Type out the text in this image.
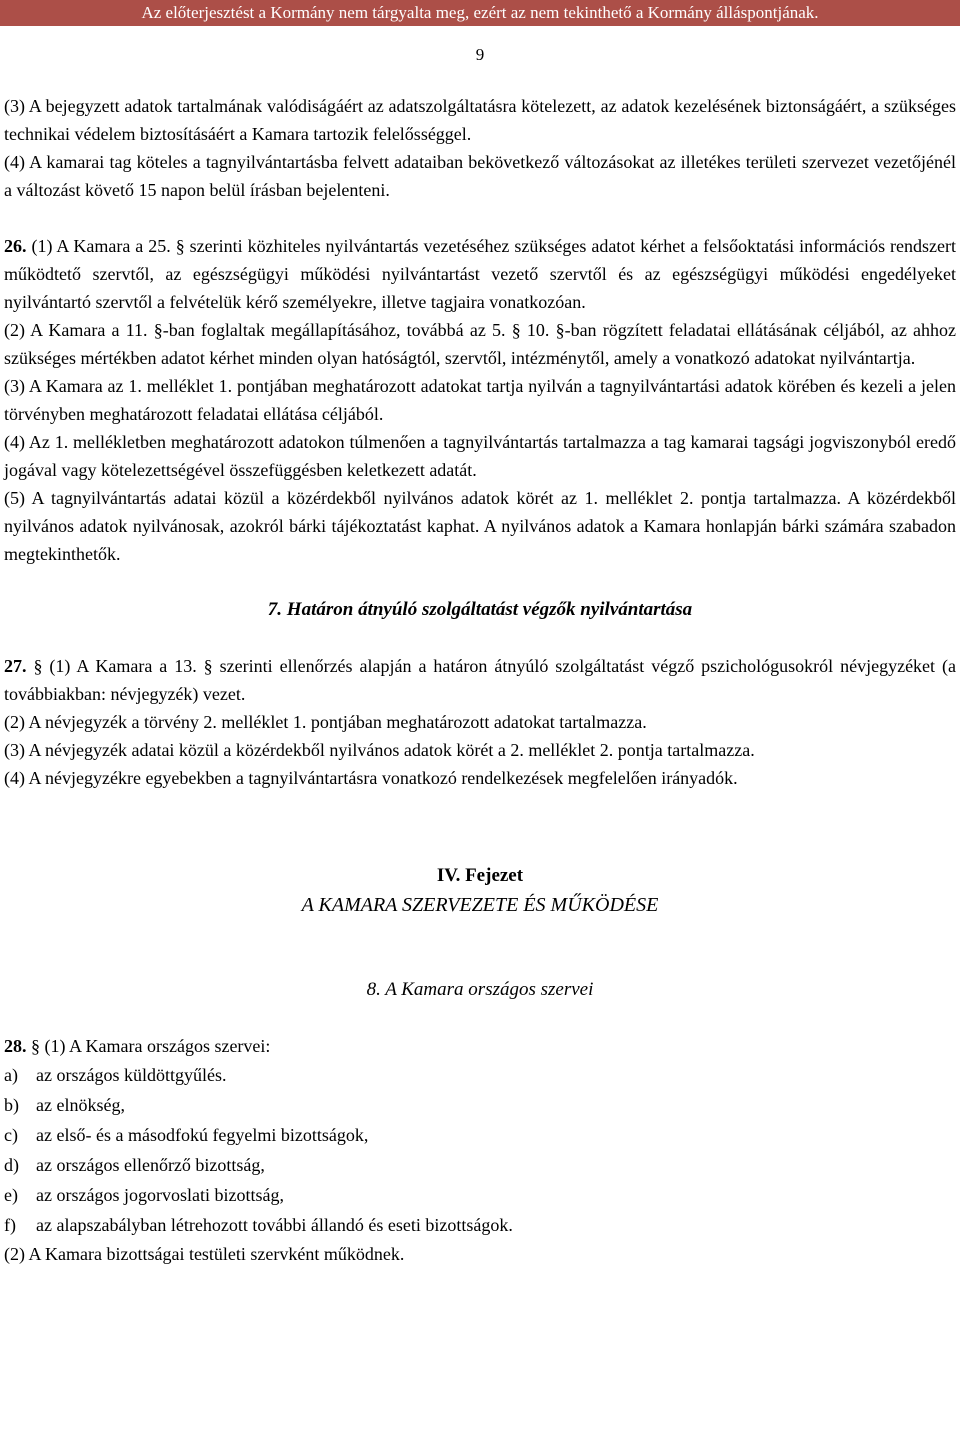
Az előterjesztést a Kormány nem tárgyalta meg, ezért az nem tekinthető a Kormány álláspontjának.
9

(3) A bejegyzett adatok tartalmának valódiságáért az adatszolgáltatásra kötelezett, az adatok kezelésének biztonságáért, a szükséges technikai védelem biztosításáért a Kamara tartozik felelősséggel.

(4) A kamarai tag köteles a tagnyilvántartásba felvett adataiban bekövetkező változásokat az illetékes területi szervezet vezetőjénél a változást követő 15 napon belül írásban bejelenteni.

26. (1) A Kamara a 25. § szerinti közhiteles nyilvántartás vezetéséhez szükséges adatot kérhet a felsőoktatási információs rendszert működtető szervtől, az egészségügyi működési nyilvántartást vezető szervtől és az egészségügyi működési engedélyeket nyilvántartó szervtől a felvételük kérő személyekre, illetve tagjaira vonatkozóan.

(2) A Kamara a 11. §-ban foglaltak megállapításához, továbbá az 5. § 10. §-ban rögzített feladatai ellátásának céljából, az ahhoz szükséges mértékben adatot kérhet minden olyan hatóságtól, szervtől, intézménytől, amely a vonatkozó adatokat nyilvántartja.

(3) A Kamara az 1. melléklet 1. pontjában meghatározott adatokat tartja nyilván a tagnyilvántartási adatok körében és kezeli a jelen törvényben meghatározott feladatai ellátása céljából.

(4) Az 1. mellékletben meghatározott adatokon túlmenően a tagnyilvántartás tartalmazza a tag kamarai tagsági jogviszonyból eredő jogával vagy kötelezettségével összefüggésben keletkezett adatát.

(5) A tagnyilvántartás adatai közül a közérdekből nyilvános adatok körét az 1. melléklet 2. pontja tartalmazza. A közérdekből nyilvános adatok nyilvánosak, azokról bárki tájékoztatást kaphat. A nyilvános adatok a Kamara honlapján bárki számára szabadon megtekinthetők.

7. Határon átnyúló szolgáltatást végzők nyilvántartása

27. § (1) A Kamara a 13. § szerinti ellenőrzés alapján a határon átnyúló szolgáltatást végző pszichológusokról névjegyzéket (a továbbiakban: névjegyzék) vezet.

(2) A névjegyzék a törvény 2. melléklet 1. pontjában meghatározott adatokat tartalmazza.

(3) A névjegyzék adatai közül a közérdekből nyilvános adatok körét a 2. melléklet 2. pontja tartalmazza.

(4) A névjegyzékre egyebekben a tagnyilvántartásra vonatkozó rendelkezések megfelelően irányadók.

IV. Fejezet

A KAMARA SZERVEZETE ÉS MŰKÖDÉSE

8. A Kamara országos szervei

28. § (1) A Kamara országos szervei:

a)	az országos küldöttgyűlés.
b) az elnökség,
c)	az első- és a másodfokú fegyelmi bizottságok,
d) az országos ellenőrző bizottság,
e)	az országos jogorvoslati bizottság,
f)	az alapszabályban létrehozott további állandó és eseti bizottságok.

(2) A Kamara bizottságai testületi szervként működnek.
